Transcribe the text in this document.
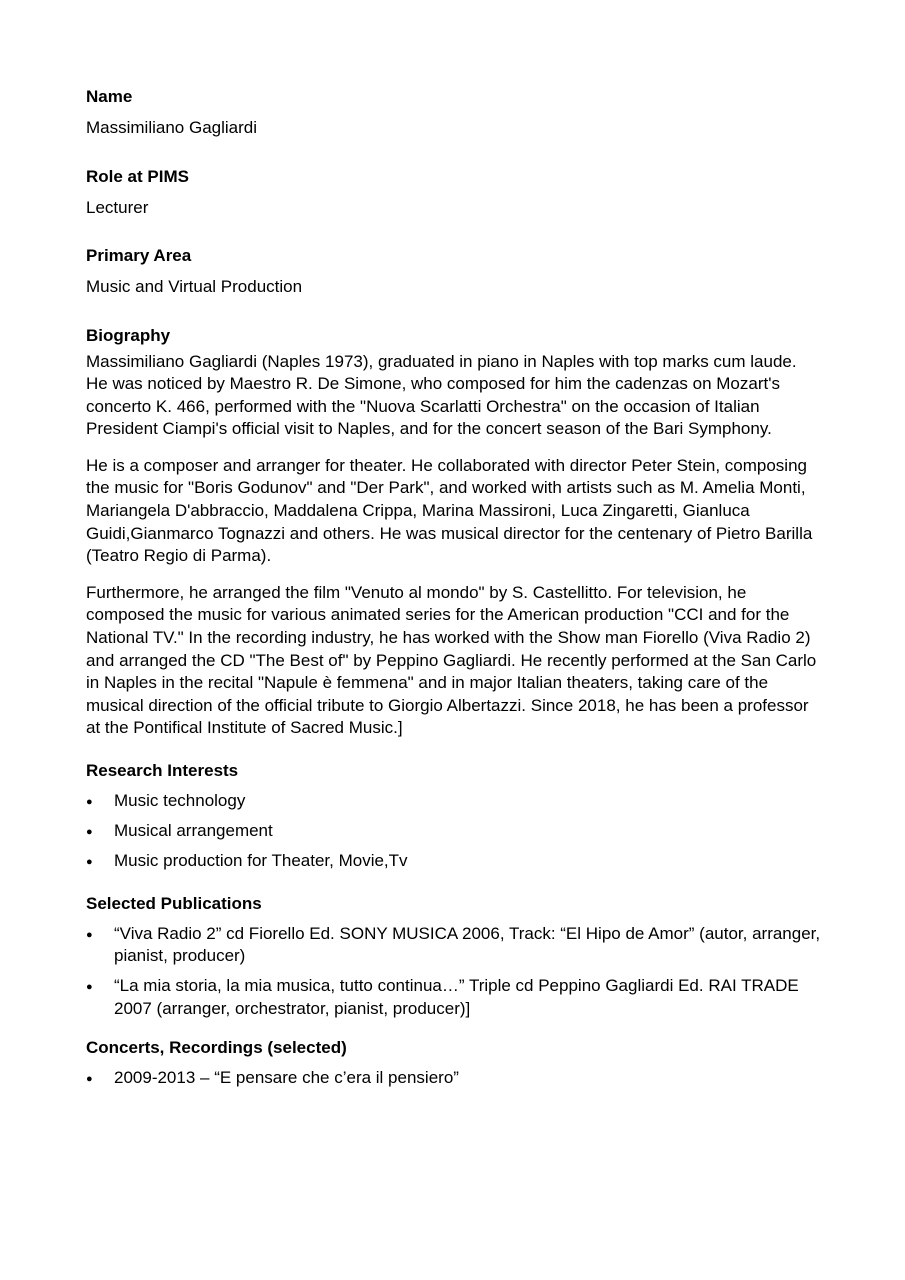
Name

Massimiliano Gagliardi

Role at PIMS

Lecturer

Primary Area

Music and Virtual Production

Biography

Massimiliano Gagliardi (Naples 1973), graduated in piano in Naples with top marks cum laude. He was noticed by Maestro R. De Simone, who composed for him the cadenzas on Mozart's concerto K. 466, performed with the "Nuova Scarlatti Orchestra" on the occasion of Italian President Ciampi's official visit to Naples, and for the concert season of the Bari Symphony.

He is a composer and arranger for theater. He collaborated with director Peter Stein, composing the music for "Boris Godunov" and "Der Park", and worked with artists such as M. Amelia Monti, Mariangela D'abbraccio, Maddalena Crippa, Marina Massironi, Luca Zingaretti, Gianluca Guidi,Gianmarco Tognazzi and others. He was musical director for the centenary of Pietro Barilla (Teatro Regio di Parma).

Furthermore, he arranged the film "Venuto al mondo" by S. Castellitto. For television, he composed the music for various animated series for the American production "CCI and for the National TV." In the recording industry, he has worked with the Show man Fiorello (Viva Radio 2) and arranged the CD "The Best of" by Peppino Gagliardi. He recently performed at the San Carlo in Naples in the recital "Napule è femmena" and in major Italian theaters, taking care of the musical direction of the official tribute to Giorgio Albertazzi. Since 2018, he has been a professor at the Pontifical Institute of Sacred Music.]

Research Interests

● Music technology
● Musical arrangement
● Music production for Theater, Movie,Tv

Selected Publications

● “Viva Radio 2” cd Fiorello Ed. SONY MUSICA 2006, Track: “El Hipo de Amor” (autor, arranger, pianist, producer)
● “La mia storia, la mia musica, tutto continua…” Triple cd Peppino Gagliardi Ed. RAI TRADE 2007 (arranger, orchestrator, pianist, producer)]

Concerts, Recordings (selected)

● 2009-2013 – “E pensare che c’era il pensiero”
